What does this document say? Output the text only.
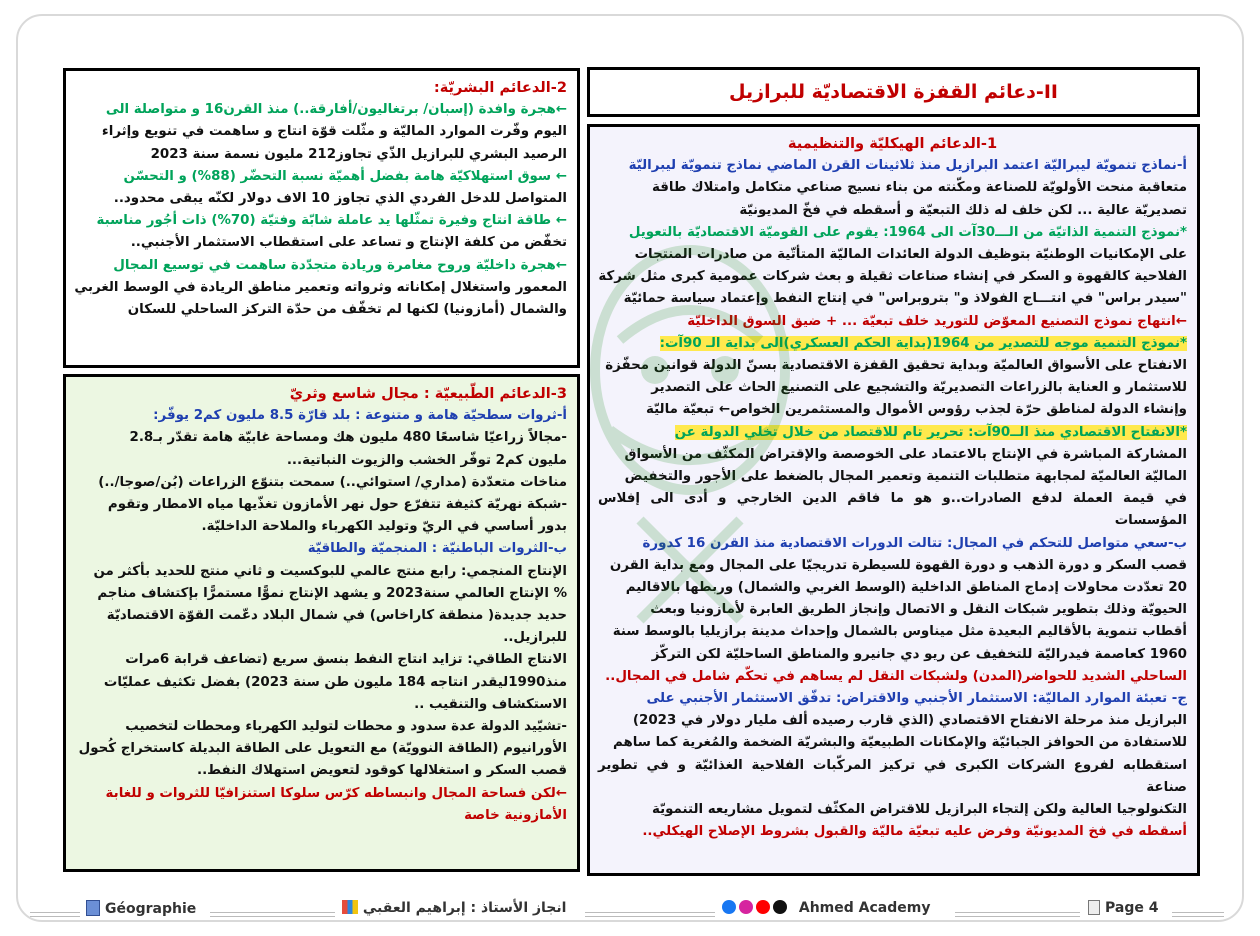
II-دعائم القفزة الاقتصاديّة للبرازيل
1-الدعائم الهيكليّة والتنظيمية
أ-نماذج تنمويّة ليبراليّة اعتمد البرازيل منذ ثلاثينات القرن الماضي نماذج تنمويّة ليبراليّة
متعاقبة منحت الأولويّة للصناعة ومكّنته من بناء نسيج صناعي متكامل وامتلاك طاقة
تصديريّة عالية ... لكن خلف له ذلك التبعيّة و أسقطه في فخّ المديونيّة
*نموذج التنمية الذاتيّة من الـــ30آت الى 1964: يقوم على القوميّة الاقتصاديّة بالتعويل
على الإمكانيات الوطنيّة بتوظيف الدولة العائدات الماليّة المتأتّية من صادرات المنتجات
الفلاحية كالقهوة و السكر في إنشاء صناعات ثقيلة و بعث شركات عمومية كبرى مثل شركة
"سيدر براس" في انتـــاج الفولاذ و" بتروبراس" في إنتاج النفط وإعتماد سياسة حمائيّة
←انتهاج نموذج التصنيع المعوّض للتوريد خلف تبعيّة ... + ضيق السوق الداخليّة
*نموذج التنمية موجه للتصدير من 1964(بداية الحكم العسكري)الى بداية الـ 90آت:
الانفتاح على الأسواق العالميّة وبداية تحقيق القفزة الاقتصادية بسنّ الدولة قوانين محفّزة
للاستثمار و العناية بالزراعات التصديريّة والتشجيع على التصنيع الحاث على التصدير
وإنشاء الدولة لمناطق حرّة لجذب رؤوس الأموال والمستثمرين الخواص← تبعيّة ماليّة
*الانفتاح الاقتصادي منذ الــ90آت: تحرير تام للاقتصاد من خلال تخلي الدولة عن
المشاركة المباشرة في الإنتاج بالاعتماد على الخوصصة والإقتراض المكثّف من الأسواق
الماليّة العالميّة لمجابهة متطلبات التنمية وتعمير المجال بالضغط على الأجور والتخفيض
في قيمة العملة لدفع الصادرات..و هو ما فاقم الدين الخارجي و أدى الى إفلاس المؤسسات
ب-سعي متواصل للتحكم في المجال: تتالت الدورات الاقتصادية منذ القرن 16 كدورة
قصب السكر و دورة الذهب و دورة القهوة للسيطرة تدريجيّا على المجال ومع بداية القرن
20 تعدّدت محاولات إدماج المناطق الداخلية (الوسط الغربي والشمال) وربطها بالاقاليم
الحيويّة وذلك بتطوير شبكات النقل و الاتصال وإنجاز الطريق العابرة لأمازونيا وبعث
أقطاب تنموية بالأقاليم البعيدة مثل ميناوس بالشمال وإحداث مدينة برازيليا بالوسط سنة
1960 كعاصمة فيدراليّة للتخفيف عن ريو دي جانيرو والمناطق الساحليّة لكن التركّز
الساحلي الشديد للحواضر(المدن) ولشبكات النقل لم يساهم في تحكّم شامل في المجال..
ج- تعبئة الموارد الماليّة: الاستثمار الأجنبي والاقتراض: تدفّق الاستثمار الأجنبي على
البرازيل منذ مرحلة الانفتاح الاقتصادي (الذي قارب رصيده ألف مليار دولار في 2023)
للاستفادة من الحوافز الجبائيّة والإمكانات الطبيعيّة والبشريّة الضخمة والمُغرية كما ساهم
استقطابه لفروع الشركات الكبرى في تركيز المركّبات الفلاحية الغذائيّة و في تطوير صناعة
التكنولوجيا العالية ولكن إلتجاء البرازيل للاقتراض المكثّف لتمويل مشاريعه التنمويّة
أسقطه في فخ المديونيّة وفرض عليه تبعيّة ماليّة والقبول بشروط الإصلاح الهيكلي..
2-الدعائم البشريّة:
←هجرة وافدة (إسبان/ برتغاليون/أفارقة..) منذ القرن16 و متواصلة الى
اليوم وفّرت الموارد الماليّة و مثّلت قوّة انتاج و ساهمت في تنويع وإثراء
الرصيد البشري للبرازيل الذّي تجاوز212 مليون نسمة سنة 2023
← سوق استهلاكيّة هامة بفضل أهميّة نسبة التحضّر (88%) و التحسّن
المتواصل للدخل الفردي الذي تجاوز 10 الاف دولار لكنّه يبقى محدود..
← طاقة انتاج وفيرة تمثّلها يد عاملة شابّة وفتيّة (70%) ذات أجُور مناسبة
تخفّض من كلفة الإنتاج و تساعد على استقطاب الاستثمار الأجنبي..
←هجرة داخليّة وروح مغامرة وريادة متجدّدة ساهمت في توسيع المجال
المعمور واستغلال إمكاناته وثرواته وتعمير مناطق الريادة في الوسط الغربي
والشمال (أمازونيا) لكنها لم تخفّف من حدّة التركز الساحلي للسكان
3-الدعائم الطّبيعيّة : مجال شاسع وثريّ
أ-ثروات سطحيّة هامة و متنوعة : بلد قارّة 8.5 مليون كم2 يوفّر:
-مجالاً زراعيّا شاسعًا 480 مليون هك ومساحة غابيّة هامة تقدّر بـ2.8
مليون كم2 توفّر الخشب والزيوت النباتية...
مناخات متعدّدة (مداري/ استوائي..) سمحت بتنوّع الزراعات (بُن/صوجا/..)
-شبكة نهريّة كثيفة تتفرّع حول نهر الأمازون تغذّيها مياه الامطار وتقوم
بدور أساسي في الريّ وتوليد الكهرباء والملاحة الداخليّة.
ب-الثروات الباطنيّة : المنجميّة والطاقيّة
الإنتاج المنجمي: رابع منتج عالمي للبوكسيت و ثاني منتج للحديد بأكثر من
% الإنتاج العالمي سنة2023 و يشهد الإنتاج نموًّا مستمرًّا بإكتشاف مناجم
حديد جديدة( منطقة كاراخاس) في شمال البلاد دعّمت القوّة الاقتصاديّة
للبرازيل..
الانتاج الطاقي: تزايد انتاج النفط بنسق سريع (تضاعف قرابة 6مرات
منذ1990ليقدر انتاجه 184 مليون طن سنة 2023) بفضل تكثيف عمليّات
الاستكشاف والتنقيب ..
-تشيّيد الدولة عدة سدود و محطات لتوليد الكهرباء ومحطات لتخصيب
الأورانيوم (الطاقة النوويّة) مع التعويل على الطاقة البديلة كاستخراج كُحول
قصب السكر و استغلالها كوقود لتعويض استهلاك النفط..
←لكن فساحة المجال وانبساطه كرّس سلوكا استنزافيّا للثروات و للغابة
الأمازونية خاصة
Géographie	انجاز الأستاذ : إبراهيم العقبي	Ahmed Academy	Page 4
